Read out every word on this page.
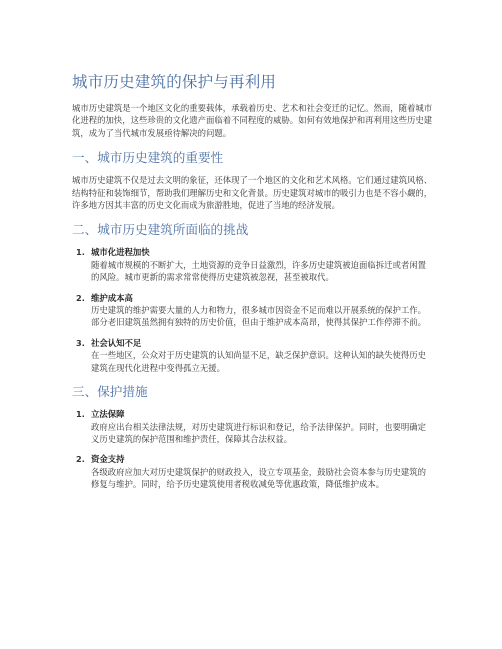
城市历史建筑的保护与再利用

城市历史建筑是一个地区文化的重要载体，承载着历史、艺术和社会变迁的记忆。然而，随着城市化进程的加快，这些珍贵的文化遗产面临着不同程度的威胁。如何有效地保护和再利用这些历史建筑，成为了当代城市发展亟待解决的问题。

一、城市历史建筑的重要性

城市历史建筑不仅是过去文明的象征，还体现了一个地区的文化和艺术风格。它们通过建筑风格、结构特征和装饰细节，帮助我们理解历史和文化背景。历史建筑对城市的吸引力也是不容小觑的，许多地方因其丰富的历史文化而成为旅游胜地，促进了当地的经济发展。

二、城市历史建筑所面临的挑战
1. 城市化进程加快
随着城市规模的不断扩大，土地资源的竞争日益激烈，许多历史建筑被迫面临拆迁或者闲置的风险。城市更新的需求常常使得历史建筑被忽视，甚至被取代。
2. 维护成本高
历史建筑的维护需要大量的人力和物力，很多城市因资金不足而难以开展系统的保护工作。部分老旧建筑虽然拥有独特的历史价值，但由于维护成本高昂，使得其保护工作停滞不前。
3. 社会认知不足
在一些地区，公众对于历史建筑的认知尚显不足，缺乏保护意识。这种认知的缺失使得历史建筑在现代化进程中变得孤立无援。
三、保护措施
1. 立法保障
政府应出台相关法律法规，对历史建筑进行标识和登记，给予法律保护。同时，也要明确定义历史建筑的保护范围和维护责任，保障其合法权益。
2. 资金支持
各级政府应加大对历史建筑保护的财政投入，设立专项基金，鼓励社会资本参与历史建筑的修复与维护。同时，给予历史建筑使用者税收减免等优惠政策，降低维护成本。
